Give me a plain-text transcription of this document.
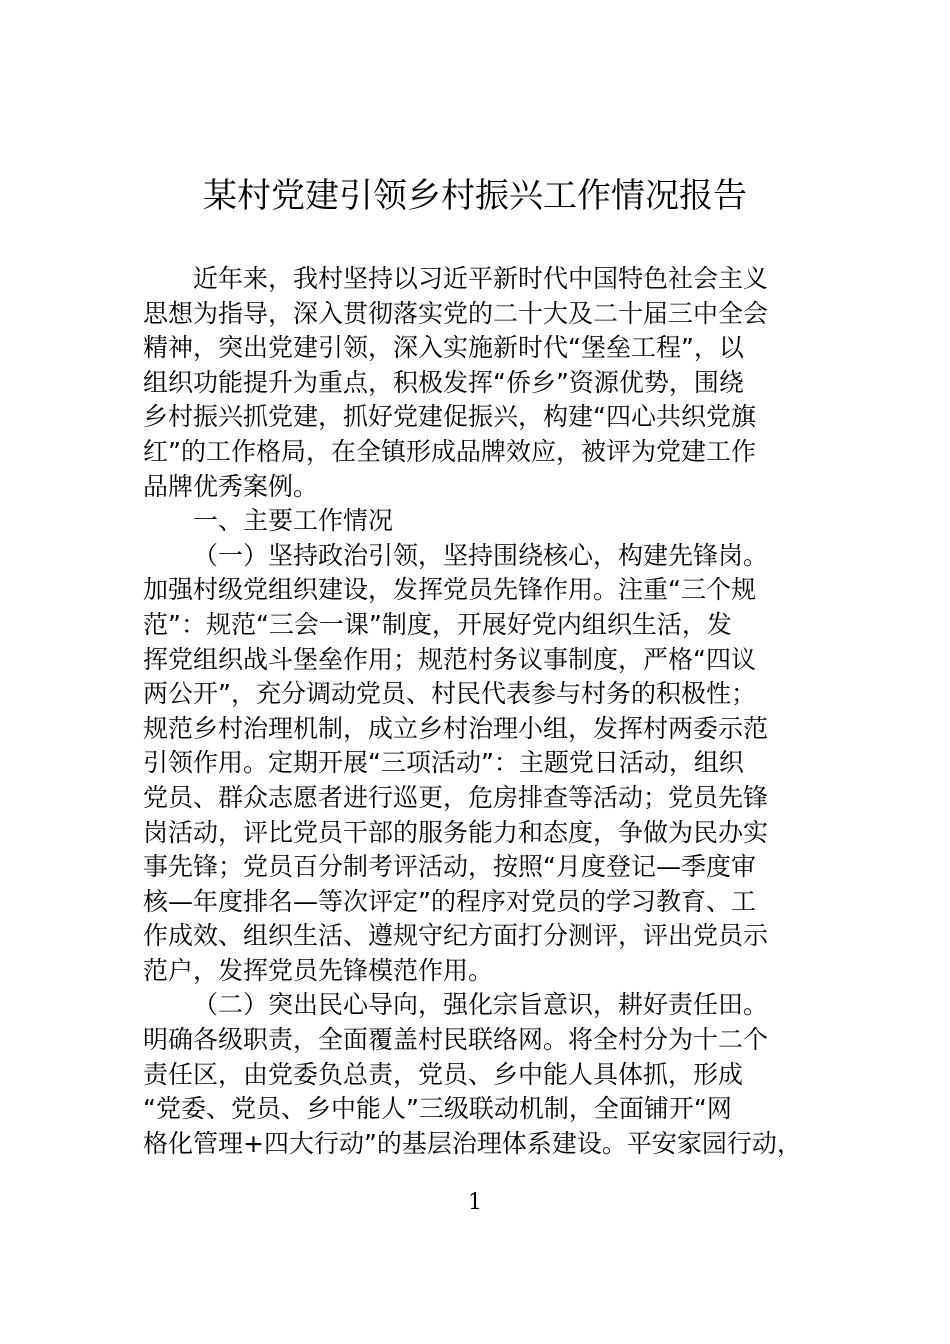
某村党建引领乡村振兴工作情况报告
近年来，我村坚持以习近平新时代中国特色社会主义
思想为指导，深入贯彻落实党的二十大及二十届三中全会
精神，突出党建引领，深入实施新时代“堡垒工程”，以
组织功能提升为重点，积极发挥“侨乡”资源优势，围绕
乡村振兴抓党建，抓好党建促振兴，构建“四心共织党旗
红”的工作格局，在全镇形成品牌效应，被评为党建工作
品牌优秀案例。
一、主要工作情况
（一）坚持政治引领，坚持围绕核心，构建先锋岗。
加强村级党组织建设，发挥党员先锋作用。注重“三个规
范”：规范“三会一课”制度，开展好党内组织生活，发
挥党组织战斗堡垒作用；规范村务议事制度，严格“四议
两公开”，充分调动党员、村民代表参与村务的积极性；
规范乡村治理机制，成立乡村治理小组，发挥村两委示范
引领作用。定期开展“三项活动”：主题党日活动，组织
党员、群众志愿者进行巡更，危房排查等活动；党员先锋
岗活动，评比党员干部的服务能力和态度，争做为民办实
事先锋；党员百分制考评活动，按照“月度登记—季度审
核—年度排名—等次评定”的程序对党员的学习教育、工
作成效、组织生活、遵规守纪方面打分测评，评出党员示
范户，发挥党员先锋模范作用。
（二）突出民心导向，强化宗旨意识，耕好责任田。
明确各级职责，全面覆盖村民联络网。将全村分为十二个
责任区，由党委负总责，党员、乡中能人具体抓，形成
“党委、党员、乡中能人”三级联动机制，全面铺开“网
格化管理+四大行动”的基层治理体系建设。平安家园行动，
1
